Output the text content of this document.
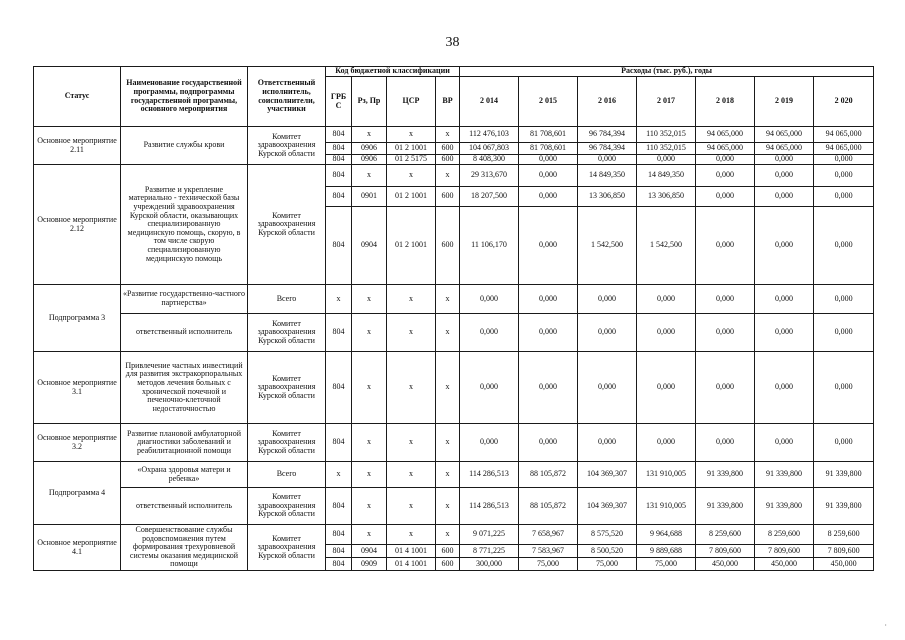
38
Статус	Наименование государственной программы, подпрограммы государственной программы, основного мероприятия	Ответственный исполнитель, соисполнители, участники	Код бюджетной классификации				Расходы (тыс. руб.), годы						
			ГРБ С	Рз, Пр	ЦСР	ВР	2 014	2 015	2 016	2 017	2 018	2 019	2 020
Основное мероприятие 2.11	Развитие службы крови	Комитет здравоохранения Курской области	804	х	х	х	112 476,103	81 708,601	96 784,394	110 352,015	94 065,000	94 065,000	94 065,000
			804	0906	01 2 1001	600	104 067,803	81 708,601	96 784,394	110 352,015	94 065,000	94 065,000	94 065,000
			804	0906	01 2 5175	600	8 408,300	0,000	0,000	0,000	0,000	0,000	0,000
Основное мероприятие 2.12	Развитие и укрепление материально - технической базы учреждений здравоохранения Курской области, оказывающих специализированную медицинскую помощь, скорую, в том числе скорую специализированную медицинскую помощь	Комитет здравоохранения Курской области	804	х	х	х	29 313,670	0,000	14 849,350	14 849,350	0,000	0,000	0,000
			804	0901	01 2 1001	600	18 207,500	0,000	13 306,850	13 306,850	0,000	0,000	0,000
			804	0904	01 2 1001	600	11 106,170	0,000	1 542,500	1 542,500	0,000	0,000	0,000
Подпрограмма 3	«Развитие государственно-частного партнерства»	Всего	х	х	х	х	0,000	0,000	0,000	0,000	0,000	0,000	0,000
	ответственный исполнитель	Комитет здравоохранения Курской области	804	х	х	х	0,000	0,000	0,000	0,000	0,000	0,000	0,000
Основное мероприятие 3.1	Привлечение частных инвестиций для развития экстракорпоральных методов лечения больных с хронической почечной и печеночно-клеточной недостаточностью	Комитет здравоохранения Курской области	804	х	х	х	0,000	0,000	0,000	0,000	0,000	0,000	0,000
Основное мероприятие 3.2	Развитие плановой амбулаторной диагностики заболеваний и реабилитационной помощи	Комитет здравоохранения Курской области	804	х	х	х	0,000	0,000	0,000	0,000	0,000	0,000	0,000
Подпрограмма 4	«Охрана здоровья матери и ребенка»	Всего	х	х	х	х	114 286,513	88 105,872	104 369,307	131 910,005	91 339,800	91 339,800	91 339,800
	ответственный исполнитель	Комитет здравоохранения Курской области	804	х	х	х	114 286,513	88 105,872	104 369,307	131 910,005	91 339,800	91 339,800	91 339,800
Основное мероприятие 4.1	Совершенствование службы родовспоможения путем формирования трехуровневой системы оказания медицинской помощи	Комитет здравоохранения Курской области	804	х	х	х	9 071,225	7 658,967	8 575,520	9 964,688	8 259,600	8 259,600	8 259,600
			804	0904	01 4 1001	600	8 771,225	7 583,967	8 500,520	9 889,688	7 809,600	7 809,600	7 809,600
			804	0909	01 4 1001	600	300,000	75,000	75,000	75,000	450,000	450,000	450,000
·
